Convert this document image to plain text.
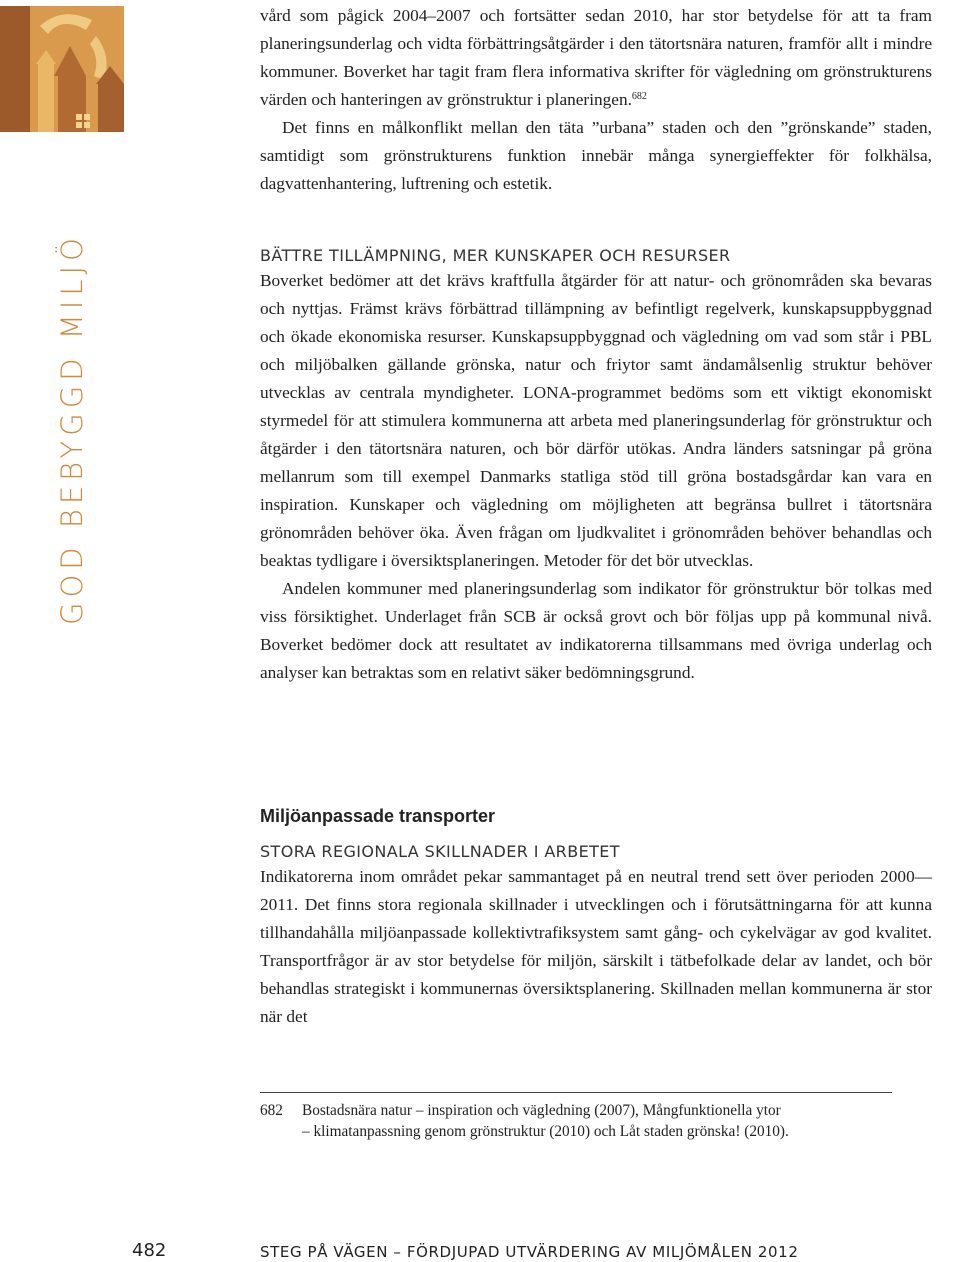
GOD BEBYGGD MILJÖ

vård som pågick 2004–2007 och fortsätter sedan 2010, har stor betydelse för att ta fram planeringsunderlag och vidta förbättringsåtgärder i den tätortsnära naturen, framför allt i mindre kommuner. Boverket har tagit fram flera informativa skrifter för vägledning om grönstrukturens värden och hanteringen av grönstruktur i planeringen.$^{682}$

Det finns en målkonflikt mellan den täta ”urbana” staden och den ”grönskande” staden, samtidigt som grönstrukturens funktion innebär många synergieffekter för folkhälsa, dagvattenhantering, luftrening och estetik.

BÄTTRE TILLÄMPNING, MER KUNSKAPER OCH RESURSER

Boverket bedömer att det krävs kraftfulla åtgärder för att natur- och grönområden ska bevaras och nyttjas. Främst krävs förbättrad tillämpning av befintligt regelverk, kunskapsuppbyggnad och ökade ekonomiska resurser. Kunskapsuppbyggnad och vägledning om vad som står i PBL och miljöbalken gällande grönska, natur och friytor samt ändamålsenlig struktur behöver utvecklas av centrala myndigheter. LONA-programmet bedöms som ett viktigt ekonomiskt styrmedel för att stimulera kommunerna att arbeta med planeringsunderlag för grönstruktur och åtgärder i den tätortsnära naturen, och bör därför utökas. Andra länders satsningar på gröna mellanrum som till exempel Danmarks statliga stöd till gröna bostadsgårdar kan vara en inspiration. Kunskaper och vägledning om möjligheten att begränsa bullret i tätortsnära grönområden behöver öka. Även frågan om ljudkvalitet i grönområden behöver behandlas och beaktas tydligare i översiktsplaneringen. Metoder för det bör utvecklas.

Andelen kommuner med planeringsunderlag som indikator för grönstruktur bör tolkas med viss försiktighet. Underlaget från SCB är också grovt och bör följas upp på kommunal nivå. Boverket bedömer dock att resultatet av indikatorerna tillsammans med övriga underlag och analyser kan betraktas som en relativt säker bedömningsgrund.

Miljöanpassade transporter
STORA REGIONALA SKILLNADER I ARBETET

Indikatorerna inom området pekar sammantaget på en neutral trend sett över perioden 2000—2011. Det finns stora regionala skillnader i utvecklingen och i förutsättningarna för att kunna tillhandahålla miljöanpassade kollektivtrafiksystem samt gång- och cykelvägar av god kvalitet. Transportfrågor är av stor betydelse för miljön, särskilt i tätbefolkade delar av landet, och bör behandlas strategiskt i kommunernas översiktsplanering. Skillnaden mellan kommunerna är stor när det

682 Bostadsnära natur – inspiration och vägledning (2007), Mångfunktionella ytor
– klimatanpassning genom grönstruktur (2010) och Låt staden grönska! (2010).
482	STEG PÅ VÄGEN – FÖRDJUPAD UTVÄRDERING AV MILJÖMÅLEN 2012
